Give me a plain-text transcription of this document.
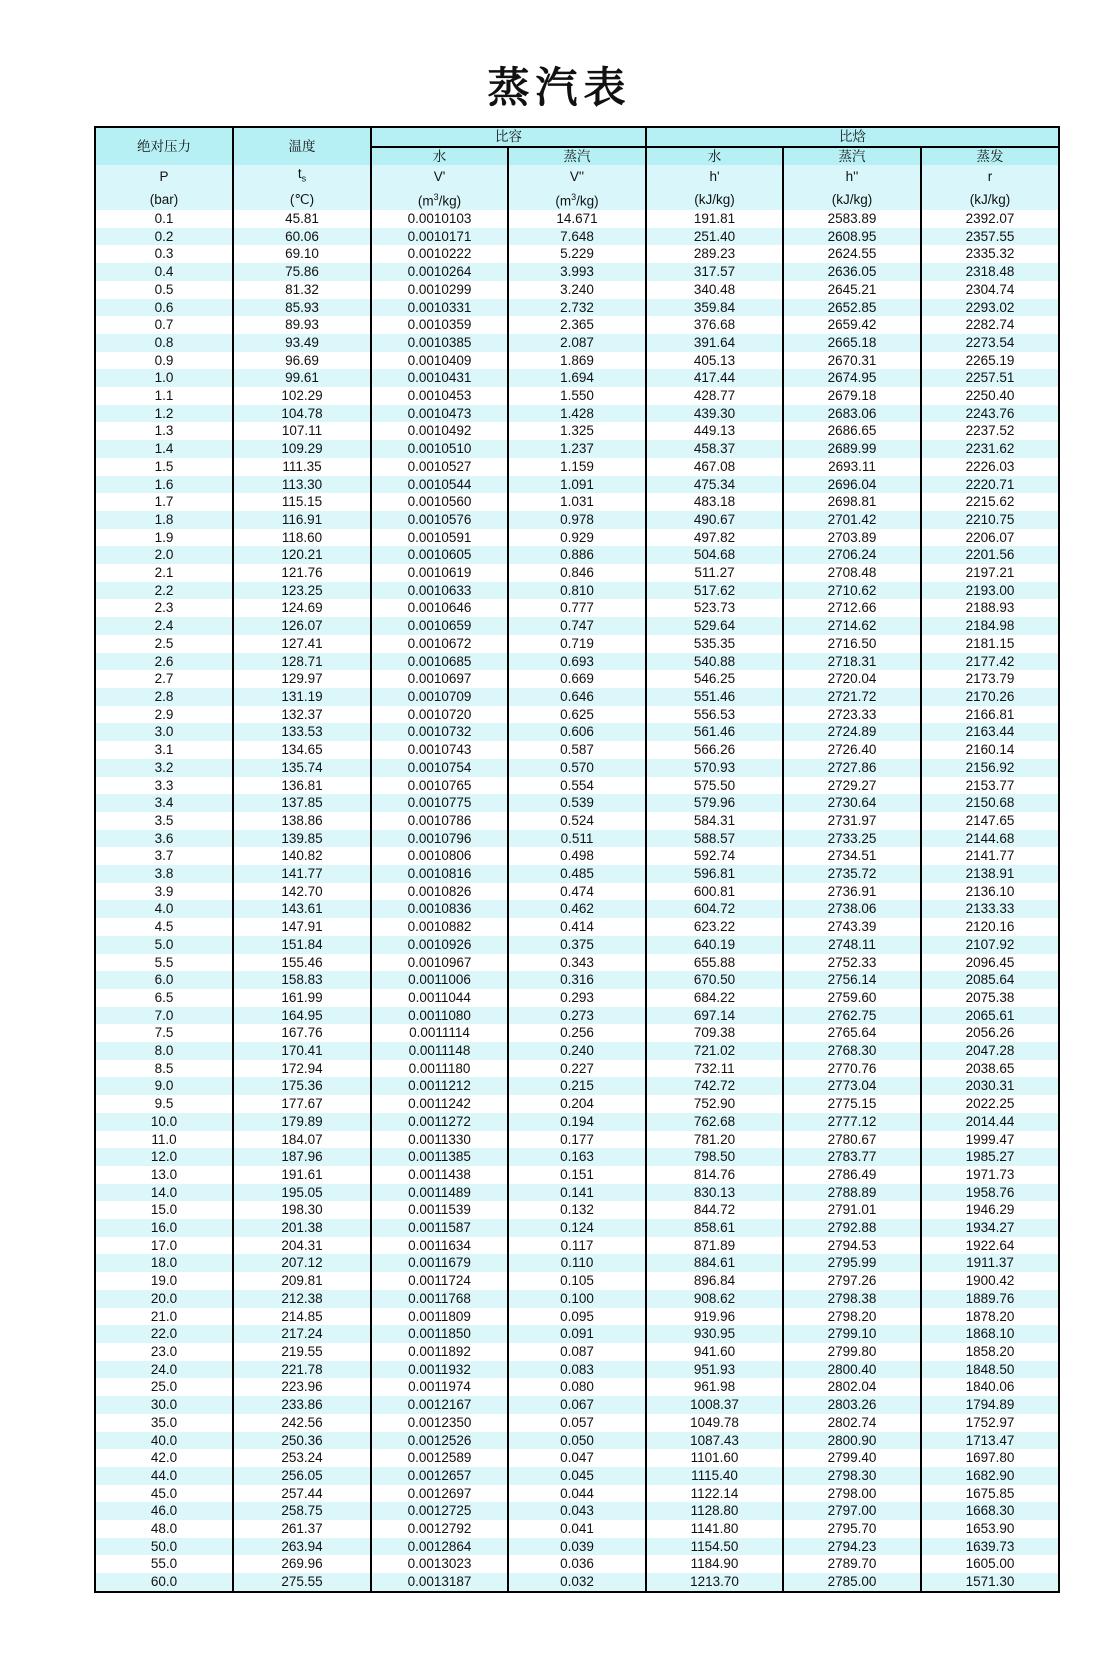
蒸汽表
绝对压力	温度	比容		比焓		
		水	蒸汽	水	蒸汽	蒸发
P	$t_s$	V'	V''	h'	h''	r
(bar)	(℃)	$(m^3/kg)$	$(m^3/kg)$	(kJ/kg)	(kJ/kg)	(kJ/kg)
0.1	45.81	0.0010103	14.671	191.81	2583.89	2392.07
0.2	60.06	0.0010171	7.648	251.40	2608.95	2357.55
0.3	69.10	0.0010222	5.229	289.23	2624.55	2335.32
0.4	75.86	0.0010264	3.993	317.57	2636.05	2318.48
0.5	81.32	0.0010299	3.240	340.48	2645.21	2304.74
0.6	85.93	0.0010331	2.732	359.84	2652.85	2293.02
0.7	89.93	0.0010359	2.365	376.68	2659.42	2282.74
0.8	93.49	0.0010385	2.087	391.64	2665.18	2273.54
0.9	96.69	0.0010409	1.869	405.13	2670.31	2265.19
1.0	99.61	0.0010431	1.694	417.44	2674.95	2257.51
1.1	102.29	0.0010453	1.550	428.77	2679.18	2250.40
1.2	104.78	0.0010473	1.428	439.30	2683.06	2243.76
1.3	107.11	0.0010492	1.325	449.13	2686.65	2237.52
1.4	109.29	0.0010510	1.237	458.37	2689.99	2231.62
1.5	111.35	0.0010527	1.159	467.08	2693.11	2226.03
1.6	113.30	0.0010544	1.091	475.34	2696.04	2220.71
1.7	115.15	0.0010560	1.031	483.18	2698.81	2215.62
1.8	116.91	0.0010576	0.978	490.67	2701.42	2210.75
1.9	118.60	0.0010591	0.929	497.82	2703.89	2206.07
2.0	120.21	0.0010605	0.886	504.68	2706.24	2201.56
2.1	121.76	0.0010619	0.846	511.27	2708.48	2197.21
2.2	123.25	0.0010633	0.810	517.62	2710.62	2193.00
2.3	124.69	0.0010646	0.777	523.73	2712.66	2188.93
2.4	126.07	0.0010659	0.747	529.64	2714.62	2184.98
2.5	127.41	0.0010672	0.719	535.35	2716.50	2181.15
2.6	128.71	0.0010685	0.693	540.88	2718.31	2177.42
2.7	129.97	0.0010697	0.669	546.25	2720.04	2173.79
2.8	131.19	0.0010709	0.646	551.46	2721.72	2170.26
2.9	132.37	0.0010720	0.625	556.53	2723.33	2166.81
3.0	133.53	0.0010732	0.606	561.46	2724.89	2163.44
3.1	134.65	0.0010743	0.587	566.26	2726.40	2160.14
3.2	135.74	0.0010754	0.570	570.93	2727.86	2156.92
3.3	136.81	0.0010765	0.554	575.50	2729.27	2153.77
3.4	137.85	0.0010775	0.539	579.96	2730.64	2150.68
3.5	138.86	0.0010786	0.524	584.31	2731.97	2147.65
3.6	139.85	0.0010796	0.511	588.57	2733.25	2144.68
3.7	140.82	0.0010806	0.498	592.74	2734.51	2141.77
3.8	141.77	0.0010816	0.485	596.81	2735.72	2138.91
3.9	142.70	0.0010826	0.474	600.81	2736.91	2136.10
4.0	143.61	0.0010836	0.462	604.72	2738.06	2133.33
4.5	147.91	0.0010882	0.414	623.22	2743.39	2120.16
5.0	151.84	0.0010926	0.375	640.19	2748.11	2107.92
5.5	155.46	0.0010967	0.343	655.88	2752.33	2096.45
6.0	158.83	0.0011006	0.316	670.50	2756.14	2085.64
6.5	161.99	0.0011044	0.293	684.22	2759.60	2075.38
7.0	164.95	0.0011080	0.273	697.14	2762.75	2065.61
7.5	167.76	0.0011114	0.256	709.38	2765.64	2056.26
8.0	170.41	0.0011148	0.240	721.02	2768.30	2047.28
8.5	172.94	0.0011180	0.227	732.11	2770.76	2038.65
9.0	175.36	0.0011212	0.215	742.72	2773.04	2030.31
9.5	177.67	0.0011242	0.204	752.90	2775.15	2022.25
10.0	179.89	0.0011272	0.194	762.68	2777.12	2014.44
11.0	184.07	0.0011330	0.177	781.20	2780.67	1999.47
12.0	187.96	0.0011385	0.163	798.50	2783.77	1985.27
13.0	191.61	0.0011438	0.151	814.76	2786.49	1971.73
14.0	195.05	0.0011489	0.141	830.13	2788.89	1958.76
15.0	198.30	0.0011539	0.132	844.72	2791.01	1946.29
16.0	201.38	0.0011587	0.124	858.61	2792.88	1934.27
17.0	204.31	0.0011634	0.117	871.89	2794.53	1922.64
18.0	207.12	0.0011679	0.110	884.61	2795.99	1911.37
19.0	209.81	0.0011724	0.105	896.84	2797.26	1900.42
20.0	212.38	0.0011768	0.100	908.62	2798.38	1889.76
21.0	214.85	0.0011809	0.095	919.96	2798.20	1878.20
22.0	217.24	0.0011850	0.091	930.95	2799.10	1868.10
23.0	219.55	0.0011892	0.087	941.60	2799.80	1858.20
24.0	221.78	0.0011932	0.083	951.93	2800.40	1848.50
25.0	223.96	0.0011974	0.080	961.98	2802.04	1840.06
30.0	233.86	0.0012167	0.067	1008.37	2803.26	1794.89
35.0	242.56	0.0012350	0.057	1049.78	2802.74	1752.97
40.0	250.36	0.0012526	0.050	1087.43	2800.90	1713.47
42.0	253.24	0.0012589	0.047	1101.60	2799.40	1697.80
44.0	256.05	0.0012657	0.045	1115.40	2798.30	1682.90
45.0	257.44	0.0012697	0.044	1122.14	2798.00	1675.85
46.0	258.75	0.0012725	0.043	1128.80	2797.00	1668.30
48.0	261.37	0.0012792	0.041	1141.80	2795.70	1653.90
50.0	263.94	0.0012864	0.039	1154.50	2794.23	1639.73
55.0	269.96	0.0013023	0.036	1184.90	2789.70	1605.00
60.0	275.55	0.0013187	0.032	1213.70	2785.00	1571.30
